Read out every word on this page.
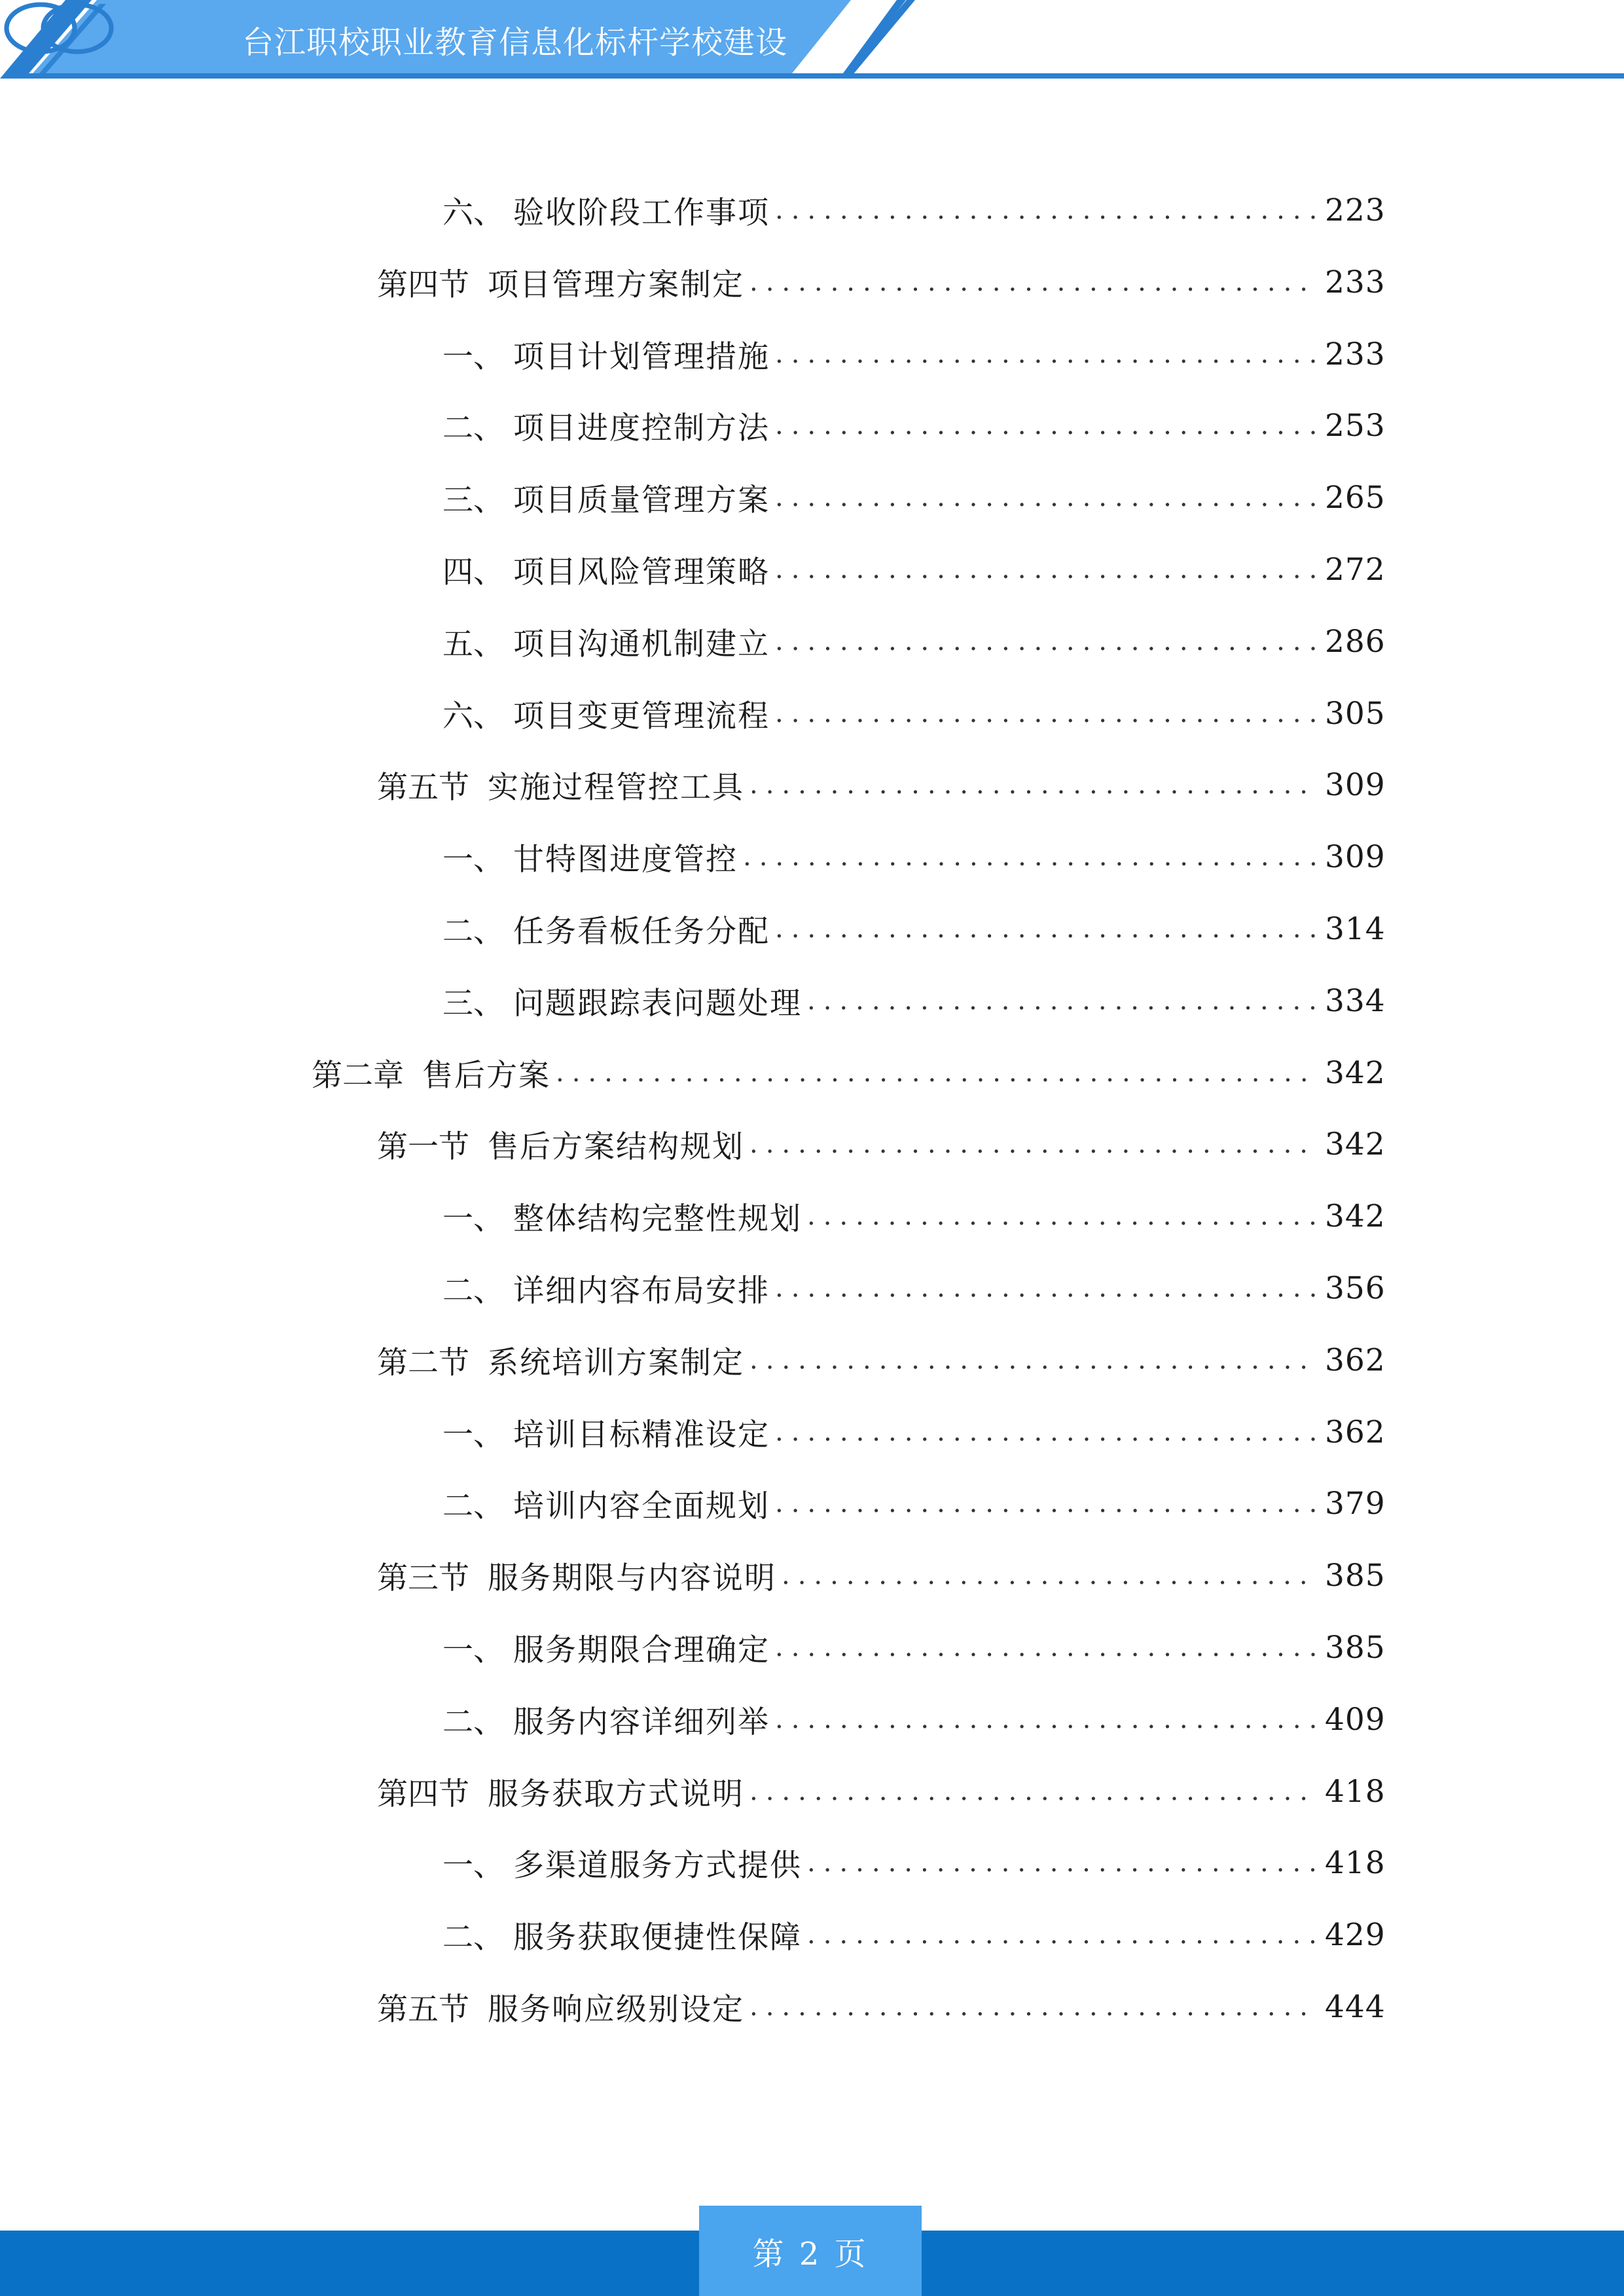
台江职校职业教育信息化标杆学校建设
六、 验收阶段工作事项 .....	223
第四节 项目管理方案制定 .....	233
一、 项目计划管理措施 .....	233
二、 项目进度控制方法 .....	253
三、 项目质量管理方案 .....	265
四、 项目风险管理策略 .....	272
五、 项目沟通机制建立 .....	286
六、 项目变更管理流程 .....	305
第五节 实施过程管控工具 .....	309
一、 甘特图进度管控 .....	309
二、 任务看板任务分配 .....	314
三、 问题跟踪表问题处理 .....	334
第二章 售后方案 .....	342
第一节 售后方案结构规划 .....	342
一、 整体结构完整性规划 .....	342
二、 详细内容布局安排 .....	356
第二节 系统培训方案制定 .....	362
一、 培训目标精准设定 .....	362
二、 培训内容全面规划 .....	379
第三节 服务期限与内容说明 .....	385
一、 服务期限合理确定 .....	385
二、 服务内容详细列举 .....	409
第四节 服务获取方式说明 .....	418
一、 多渠道服务方式提供 .....	418
二、 服务获取便捷性保障 .....	429
第五节 服务响应级别设定 .....	444
第 2 页
